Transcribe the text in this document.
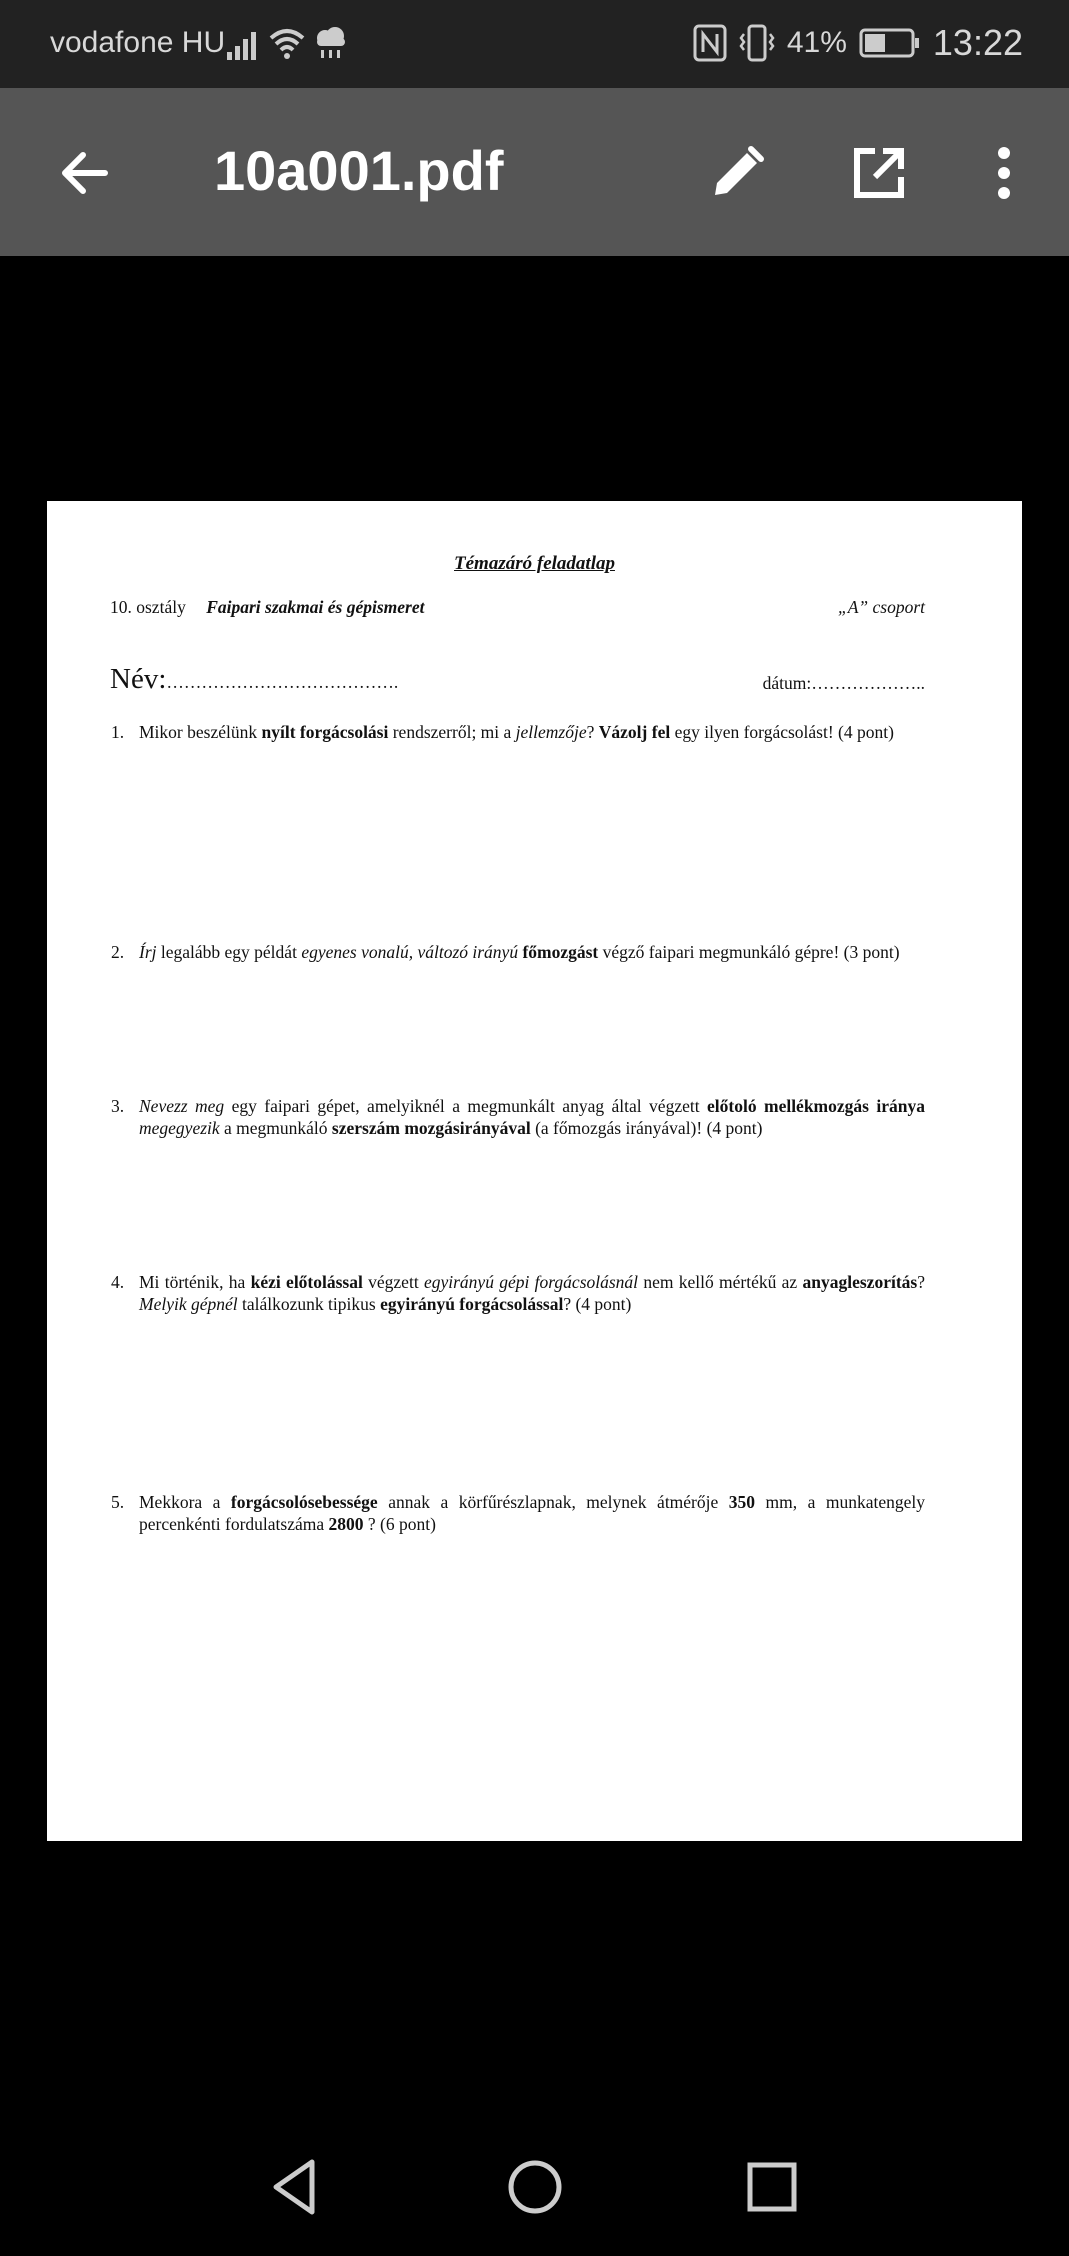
vodafone HU	41% 13:22
10a001.pdf
Témazáró feladatlap
10. osztály Faipari szakmai és gépismeret	„A” csoport
Név:………………………………….	dátum:………………..
1. Mikor beszélünk nyílt forgácsolási rendszerről; mi a jellemzője? Vázolj fel egy ilyen forgácsolást! (4 pont)
2. Írj legalább egy példát egyenes vonalú, változó irányú főmozgást végző faipari megmunkáló gépre! (3 pont)
3. Nevezz meg egy faipari gépet, amelyiknél a megmunkált anyag által végzett előtoló mellékmozgás iránya megegyezik a megmunkáló szerszám mozgásirányával (a főmozgás irányával)! (4 pont)
4. Mi történik, ha kézi előtolással végzett egyirányú gépi forgácsolásnál nem kellő mértékű az anyagleszorítás? Melyik gépnél találkozunk tipikus egyirányú forgácsolással? (4 pont)
5. Mekkora a forgácsolósebessége annak a körfűrészlapnak, melynek átmérője 350 mm, a munkatengely percenkénti fordulatszáma 2800 ? (6 pont)
